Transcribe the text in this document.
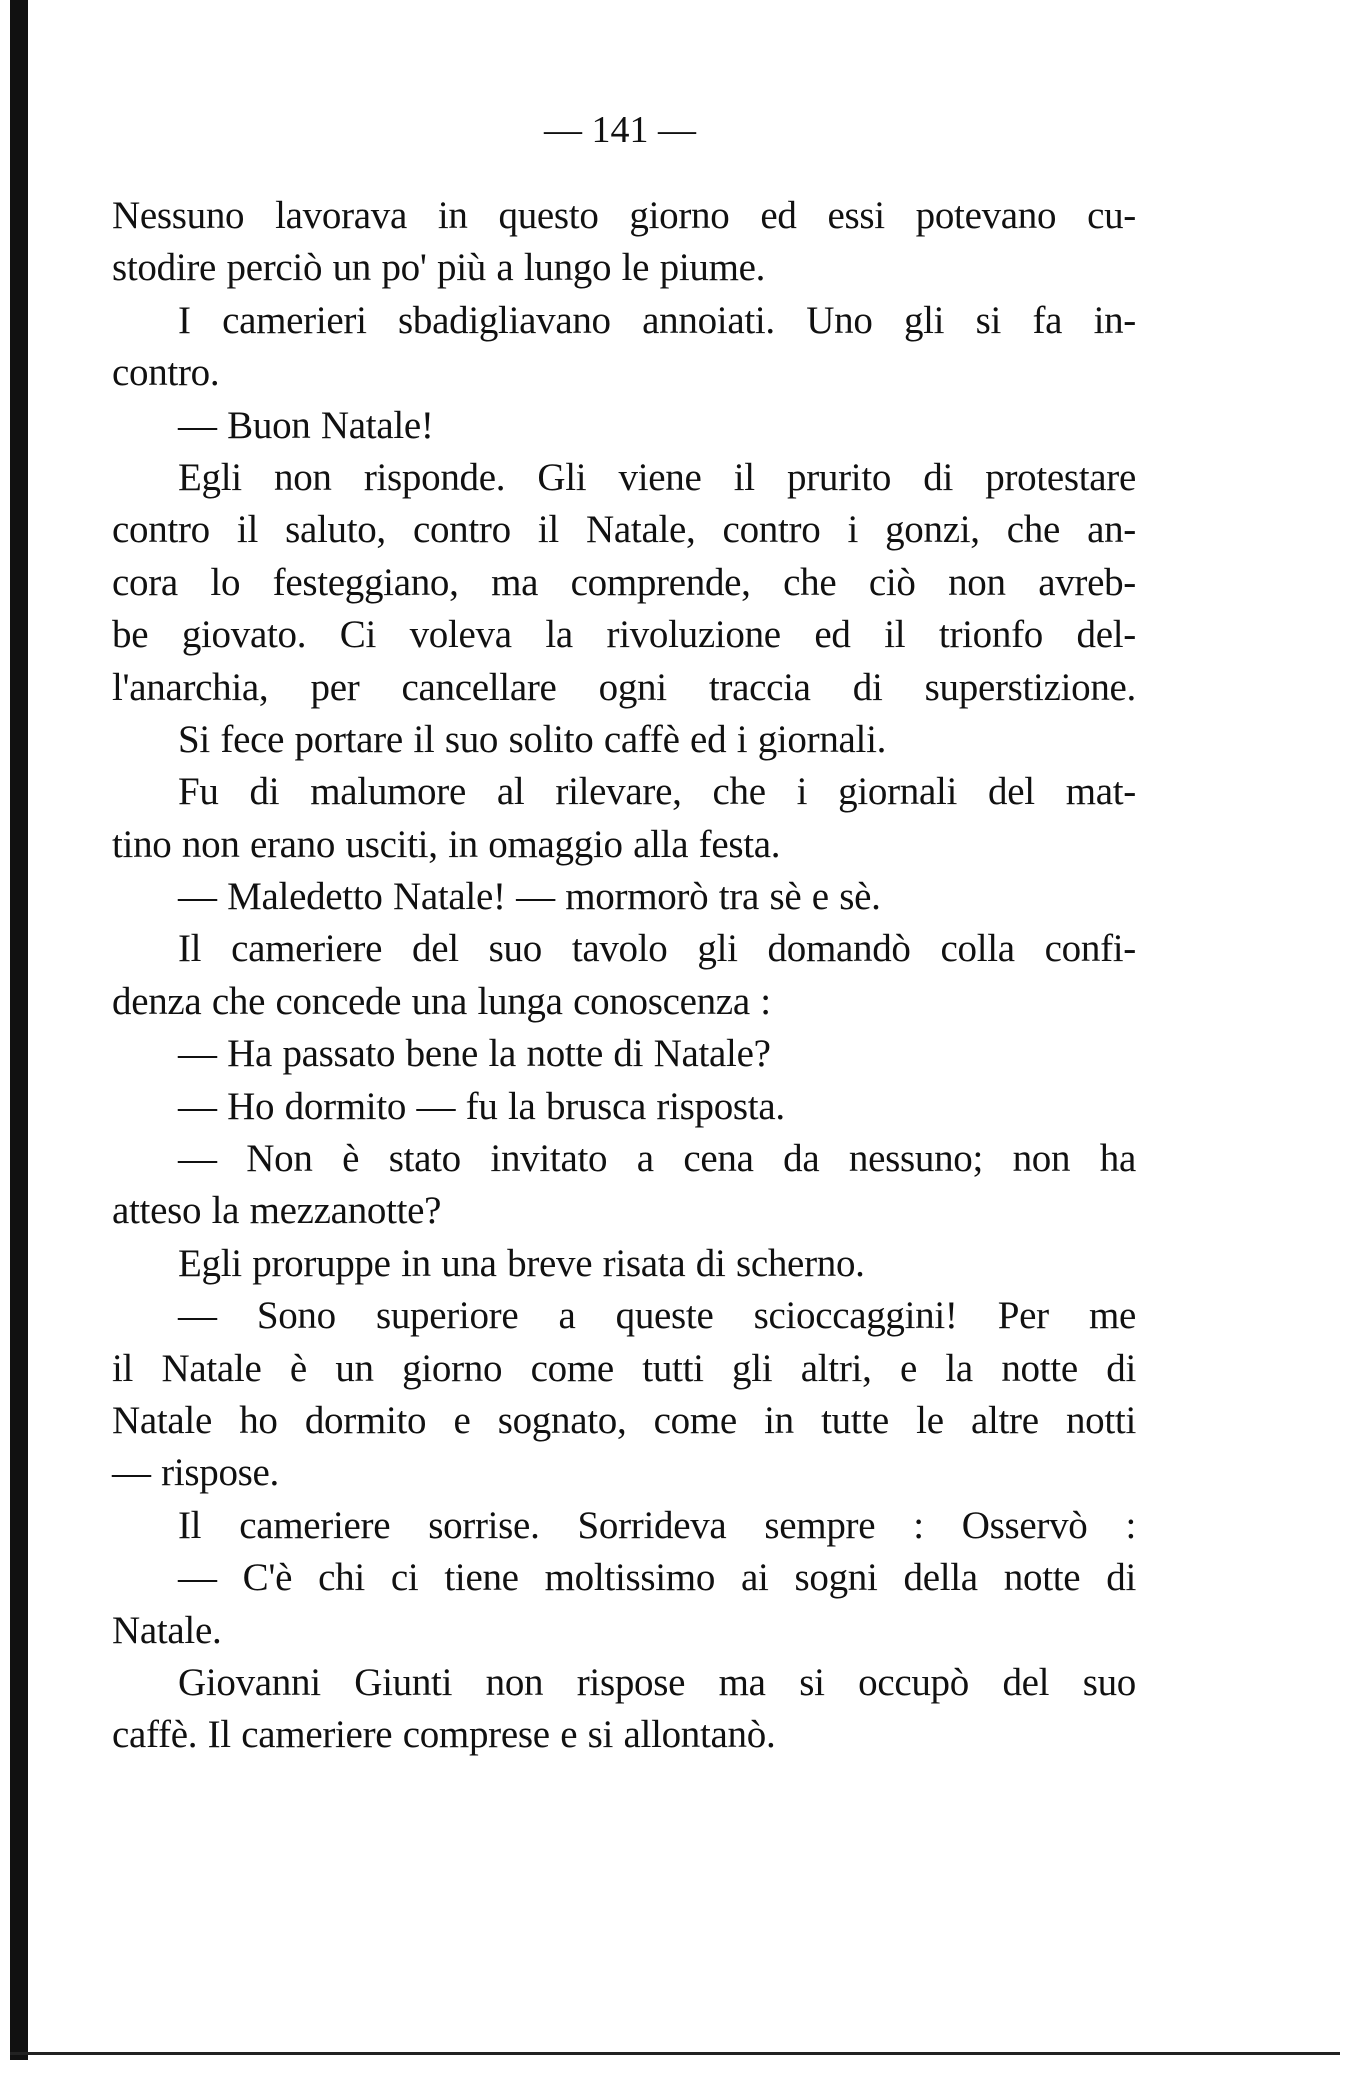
— 141 —
Nessuno lavorava in questo giorno ed essi potevano cu-
stodire perciò un po' più a lungo le piume.
I camerieri sbadigliavano annoiati. Uno gli si fa in-
contro.
— Buon Natale!
Egli non risponde. Gli viene il prurito di protestare
contro il saluto, contro il Natale, contro i gonzi, che an-
cora lo festeggiano, ma comprende, che ciò non avreb-
be giovato. Ci voleva la rivoluzione ed il trionfo del-
l'anarchia, per cancellare ogni traccia di superstizione.
Si fece portare il suo solito caffè ed i giornali.
Fu di malumore al rilevare, che i giornali del mat-
tino non erano usciti, in omaggio alla festa.
— Maledetto Natale! — mormorò tra sè e sè.
Il cameriere del suo tavolo gli domandò colla confi-
denza che concede una lunga conoscenza :
— Ha passato bene la notte di Natale?
— Ho dormito — fu la brusca risposta.
— Non è stato invitato a cena da nessuno; non ha
atteso la mezzanotte?
Egli proruppe in una breve risata di scherno.
— Sono superiore a queste scioccaggini! Per me
il Natale è un giorno come tutti gli altri, e la notte di
Natale ho dormito e sognato, come in tutte le altre notti
— rispose.
Il cameriere sorrise. Sorrideva sempre : Osservò :
— C'è chi ci tiene moltissimo ai sogni della notte di
Natale.
Giovanni Giunti non rispose ma si occupò del suo
caffè. Il cameriere comprese e si allontanò.
